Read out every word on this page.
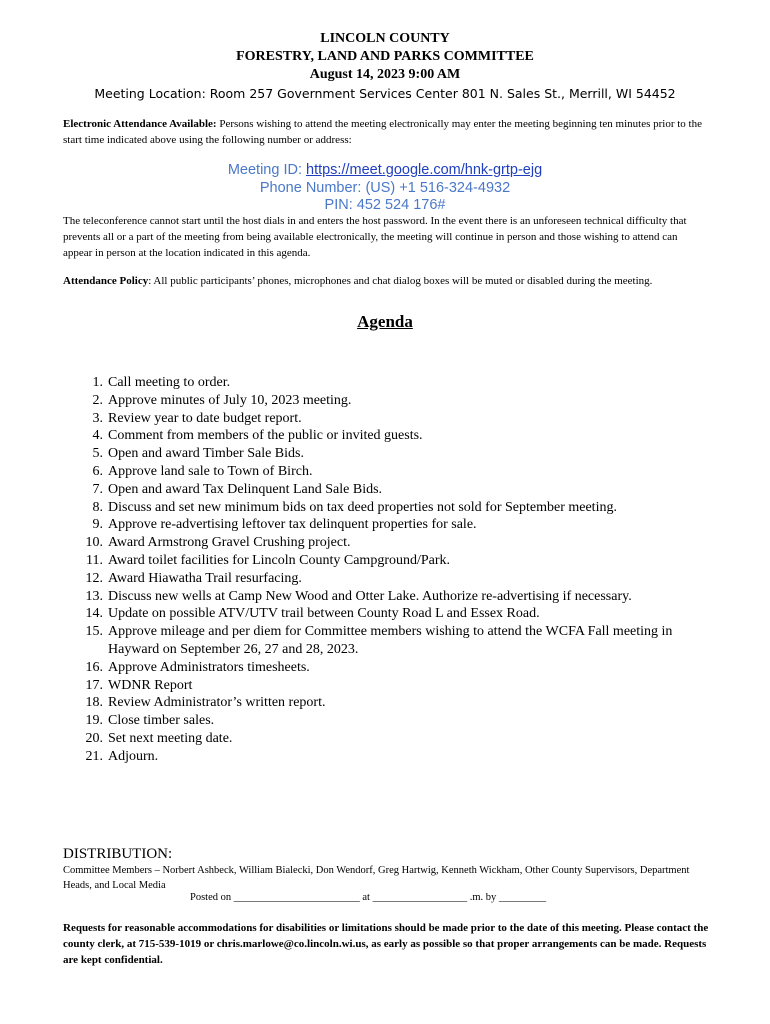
LINCOLN COUNTY
FORESTRY, LAND AND PARKS COMMITTEE
August 14, 2023 9:00 AM
Meeting Location: Room 257 Government Services Center 801 N. Sales St., Merrill, WI 54452
Electronic Attendance Available: Persons wishing to attend the meeting electronically may enter the meeting beginning ten minutes prior to the start time indicated above using the following number or address:
Meeting ID: https://meet.google.com/hnk-grtp-ejg
Phone Number: (US) +1 516-324-4932
PIN: 452 524 176#
The teleconference cannot start until the host dials in and enters the host password. In the event there is an unforeseen technical difficulty that prevents all or a part of the meeting from being available electronically, the meeting will continue in person and those wishing to attend can appear in person at the location indicated in this agenda.
Attendance Policy: All public participants’ phones, microphones and chat dialog boxes will be muted or disabled during the meeting.
Agenda
1. Call meeting to order.
2. Approve minutes of July 10, 2023 meeting.
3. Review year to date budget report.
4. Comment from members of the public or invited guests.
5. Open and award Timber Sale Bids.
6. Approve land sale to Town of Birch.
7. Open and award Tax Delinquent Land Sale Bids.
8. Discuss and set new minimum bids on tax deed properties not sold for September meeting.
9. Approve re-advertising leftover tax delinquent properties for sale.
10. Award Armstrong Gravel Crushing project.
11. Award toilet facilities for Lincoln County Campground/Park.
12. Award Hiawatha Trail resurfacing.
13. Discuss new wells at Camp New Wood and Otter Lake. Authorize re-advertising if necessary.
14. Update on possible ATV/UTV trail between County Road L and Essex Road.
15. Approve mileage and per diem for Committee members wishing to attend the WCFA Fall meeting in Hayward on September 26, 27 and 28, 2023.
16. Approve Administrators timesheets.
17. WDNR Report
18. Review Administrator’s written report.
19. Close timber sales.
20. Set next meeting date.
21. Adjourn.
DISTRIBUTION:
Committee Members – Norbert Ashbeck, William Bialecki, Don Wendorf, Greg Hartwig, Kenneth Wickham, Other County Supervisors, Department Heads, and Local Media
Posted on ________________________ at __________________ .m. by _________
Requests for reasonable accommodations for disabilities or limitations should be made prior to the date of this meeting. Please contact the county clerk, at 715-539-1019 or chris.marlowe@co.lincoln.wi.us, as early as possible so that proper arrangements can be made. Requests are kept confidential.
